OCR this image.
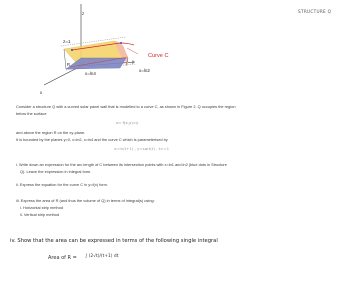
STRUCTURE Q
z
z=1
Curve C
y
x=ln2
x=ln4
R
x
Consider a structure Q with a curved solar panel wall that is modelled to a curve C, as shown in Figure 2. Q occupies the region
below the surface
z= f(x,y)=y
and above the region R on the xy-plane.
It is bounded by the planes y=0, x=ln2, x=ln4 and the curve C which is parameterised by
x=ln(t+1) , y=sqrt(t) , t>=1
i. Write down an expression for the arc length of C between its intersection points with x=ln1 and ln2 (blue dots in Structure
Q). Leave the expression in integral form.
ii. Express the equation for the curve C in y=f(x) form.
iii. Express the area of R (and thus the volume of Q) in terms of integral(s) using:
i. Horizontal strip method
ii. Vertical strip method
iv. Show that the area can be expressed in terms of the following single integral
Area of R = ∫ (2√t)/(t+1) dt
